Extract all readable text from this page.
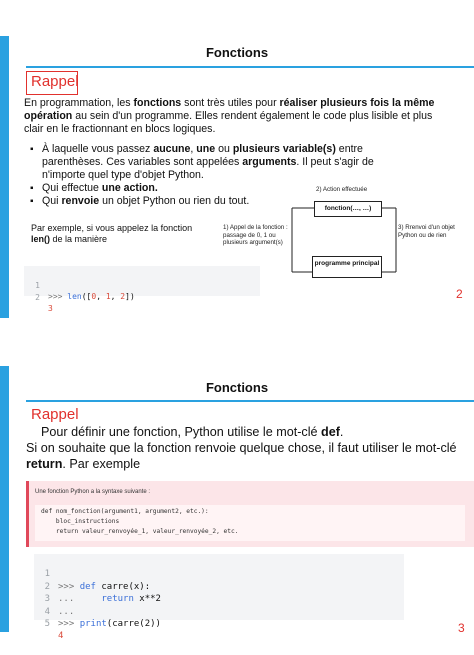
Fonctions
Rappel
En programmation, les fonctions sont très utiles pour réaliser plusieurs fois la même opération au sein d'un programme. Elles rendent également le code plus lisible et plus clair en le fractionnant en blocs logiques.
▪ À laquelle vous passez aucune, une ou plusieurs variable(s) entre parenthèses. Ces variables sont appelées arguments. Il peut s'agir de n'importe quel type d'objet Python.
▪ Qui effectue une action.
▪ Qui renvoie un objet Python ou rien du tout.
Par exemple, si vous appelez la fonction len() de la manière

1

>>> len([0, 1, 2])

2

3

2) Action effectuée
fonction(…, …)
1) Appel de la fonction : passage de 0, 1 ou plusieurs argument(s)
3) Rrenvoi d'un objet Python ou de rien
programme principal
2
Fonctions
Rappel

Pour définir une fonction, Python utilise le mot-clé def.

Si on souhaite que la fonction renvoie quelque chose, il faut utiliser le mot-clé return. Par exemple

Une fonction Python a la syntaxe suivante :
def nom_fonction(argument1, argument2, etc.):
bloc_instructions
return valeur_renvoyée_1, valeur_renvoyée_2, etc.

1

>>> def carre(x):

2

...     return x**2

3

...

4

>>> print(carre(2))

5

4

3
